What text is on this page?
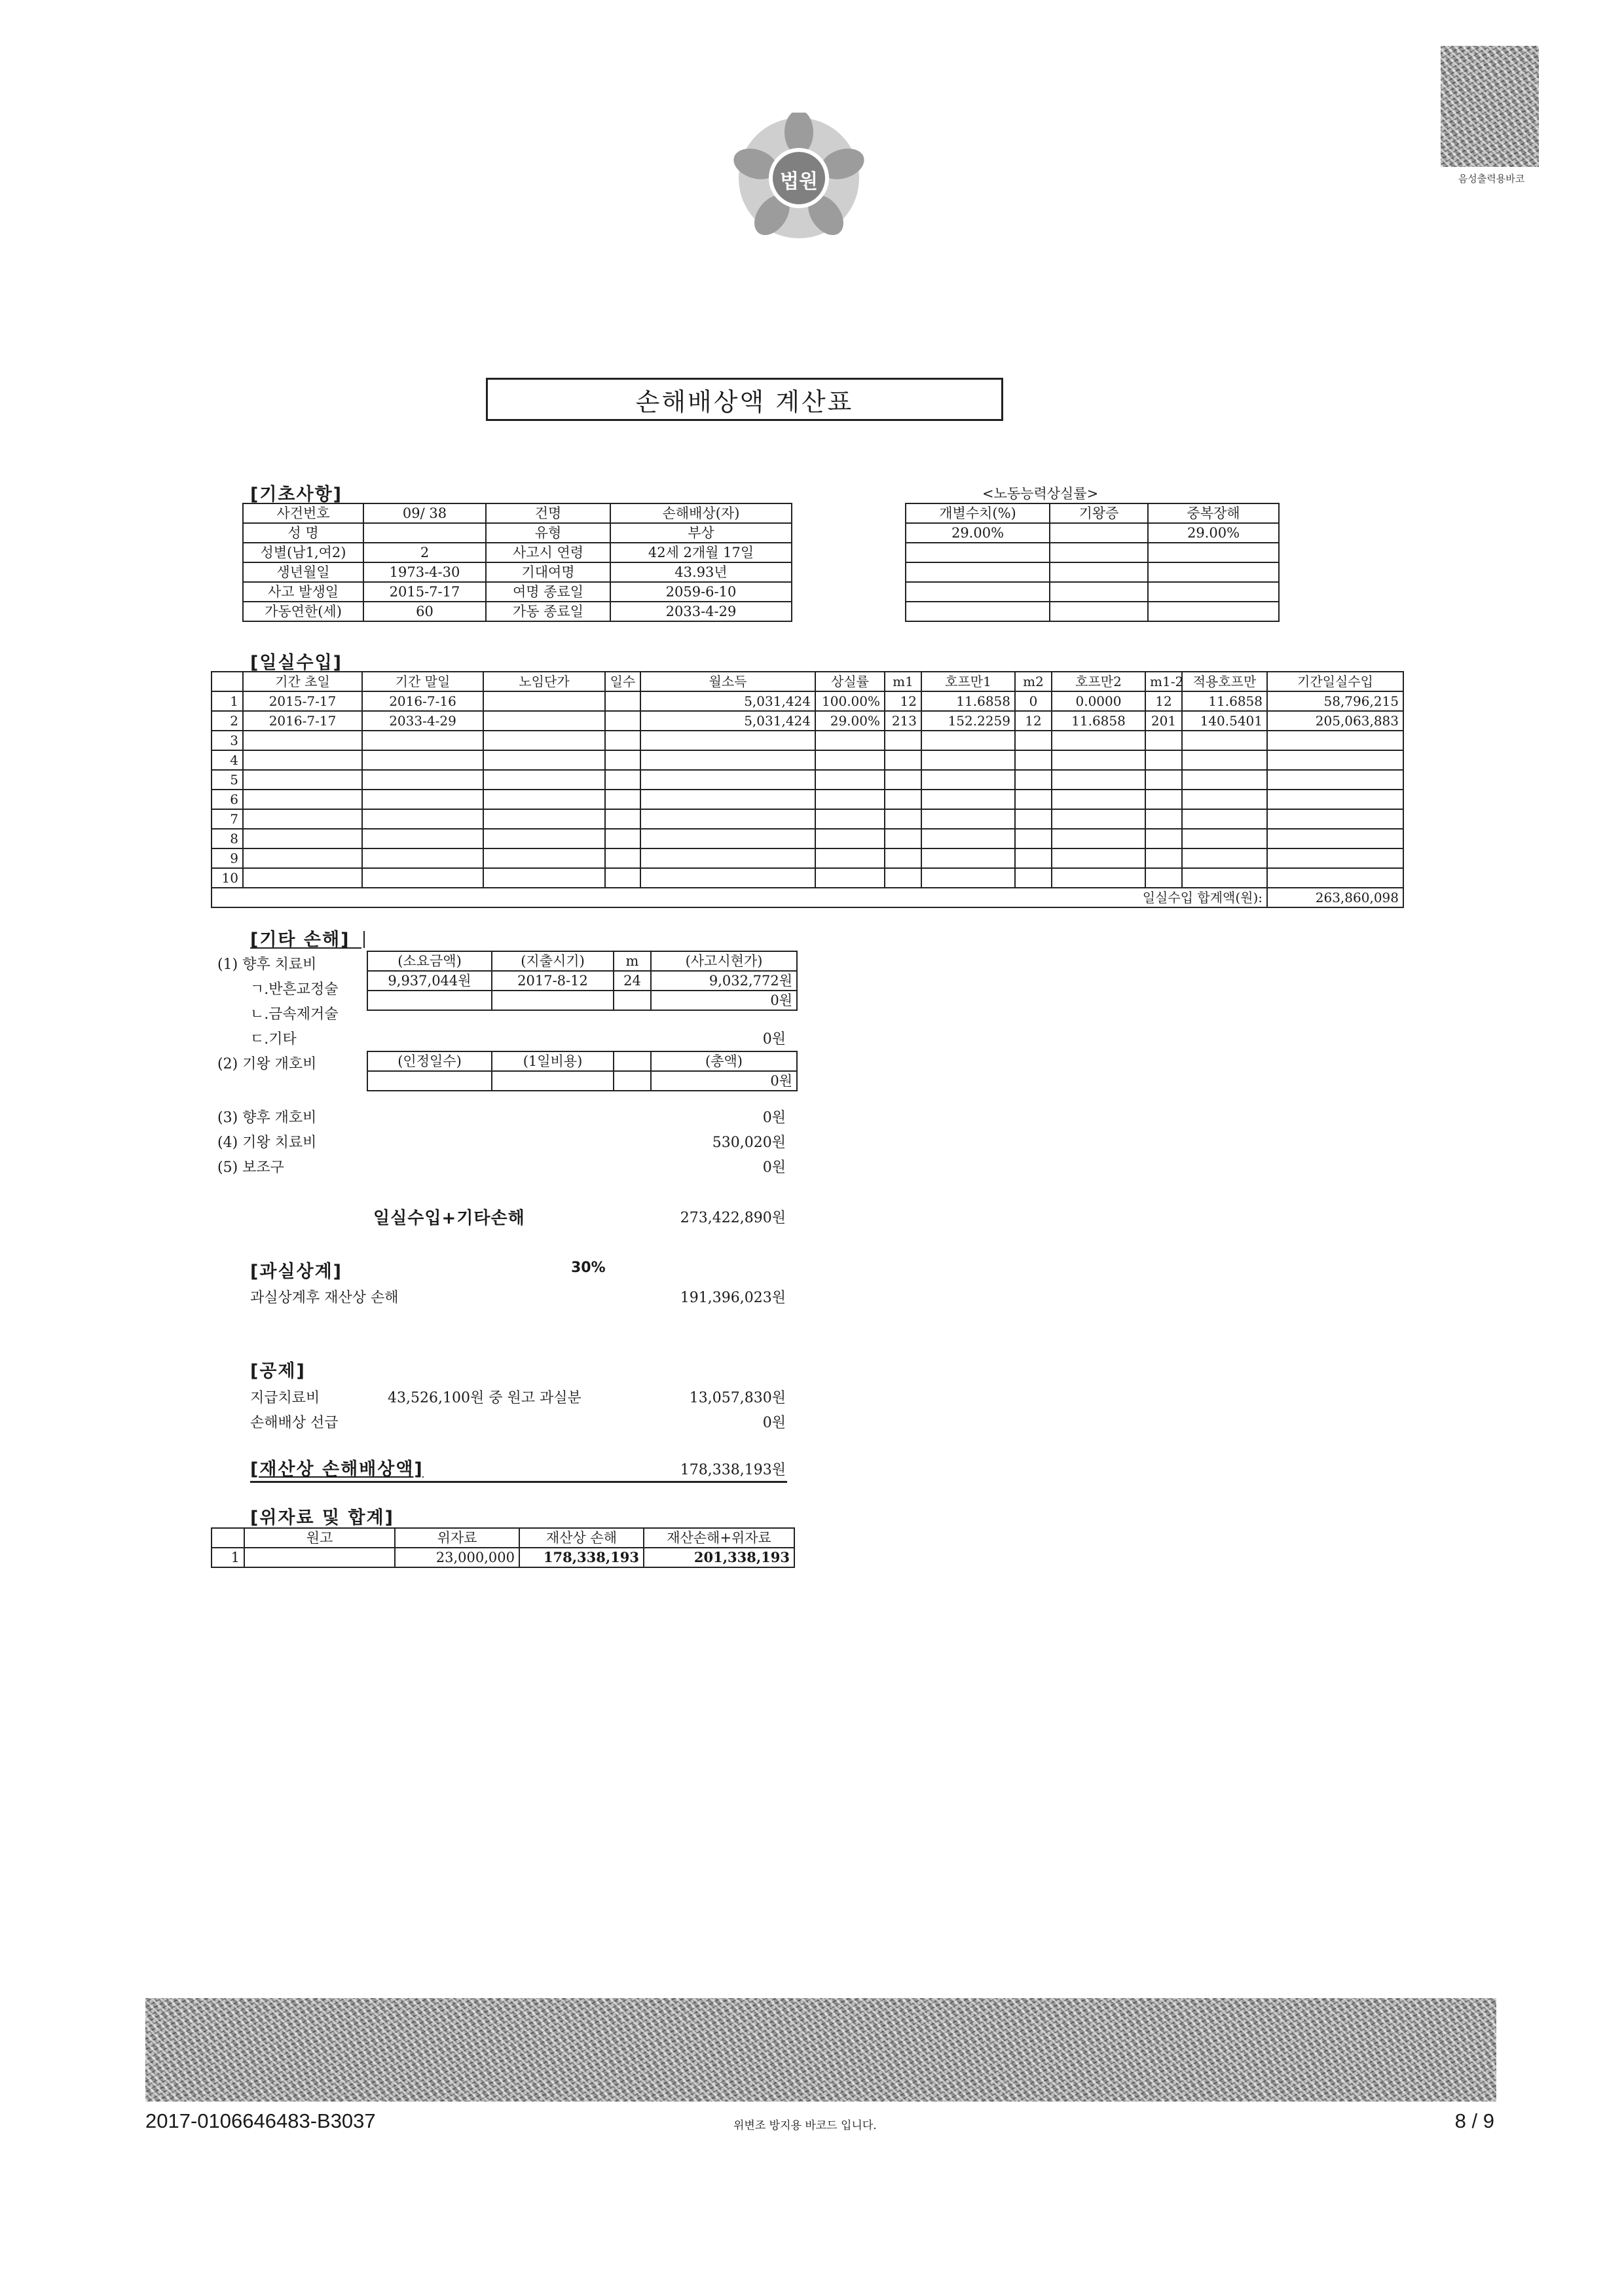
법원	음성출력용바코
손해배상액 계산표
[기초사항]
사건번호	09/ 38	건명	손해배상(자)
성 명		유형	부상
성별(남1,여2)	2	사고시 연령	42세 2개월 17일
생년월일	1973-4-30	기대여명	43.93년
사고 발생일	2015-7-17	여명 종료일	2059-6-10
가동연한(세)	60	가동 종료일	2033-4-29
<노동능력상실률>
개별수치(%)	기왕증	중복장해
29.00%		29.00%

[일실수입]
	기간 초일	기간 말일	노임단가	일수	월소득	상실률	m1	호프만1	m2	호프만2	m1-2	적용호프만	기간일실수입
1	2015-7-17	2016-7-16			5,031,424	100.00%	12	11.6858	0	0.0000	12	11.6858	58,796,215
2	2016-7-17	2033-4-29			5,031,424	29.00%	213	152.2259	12	11.6858	201	140.5401	205,063,883
3													
4													
5													
6													
7													
8													
9													
10													
일실수입 합계액(원):													263,860,098
[기타 손해]
(1) 향후 치료비	(소요금액)	(지출시기)	m	(사고시현가)
9,937,044원	2017-8-12	24	9,032,772원
			0원
ㄱ.반흔교정술
ㄴ.금속제거술
ㄷ.기타	0원
(2) 기왕 개호비	(인정일수)	(1일비용)		(총액)
			0원
(3) 향후 개호비	0원
(4) 기왕 치료비	530,020원
(5) 보조구	0원
일실수입+기타손해	273,422,890원
[과실상계]	30%
과실상계후 재산상 손해	191,396,023원
[공제]
지급치료비	43,526,100원 중 원고 과실분	13,057,830원
손해배상 선급	0원
[재산상 손해배상액]	178,338,193원
[위자료 및 합계]
	원고	위자료	재산상 손해	재산손해+위자료
1		23,000,000	178,338,193	201,338,193
2017-0106646483-B3037	위변조 방지용 바코드 입니다.	8 / 9
